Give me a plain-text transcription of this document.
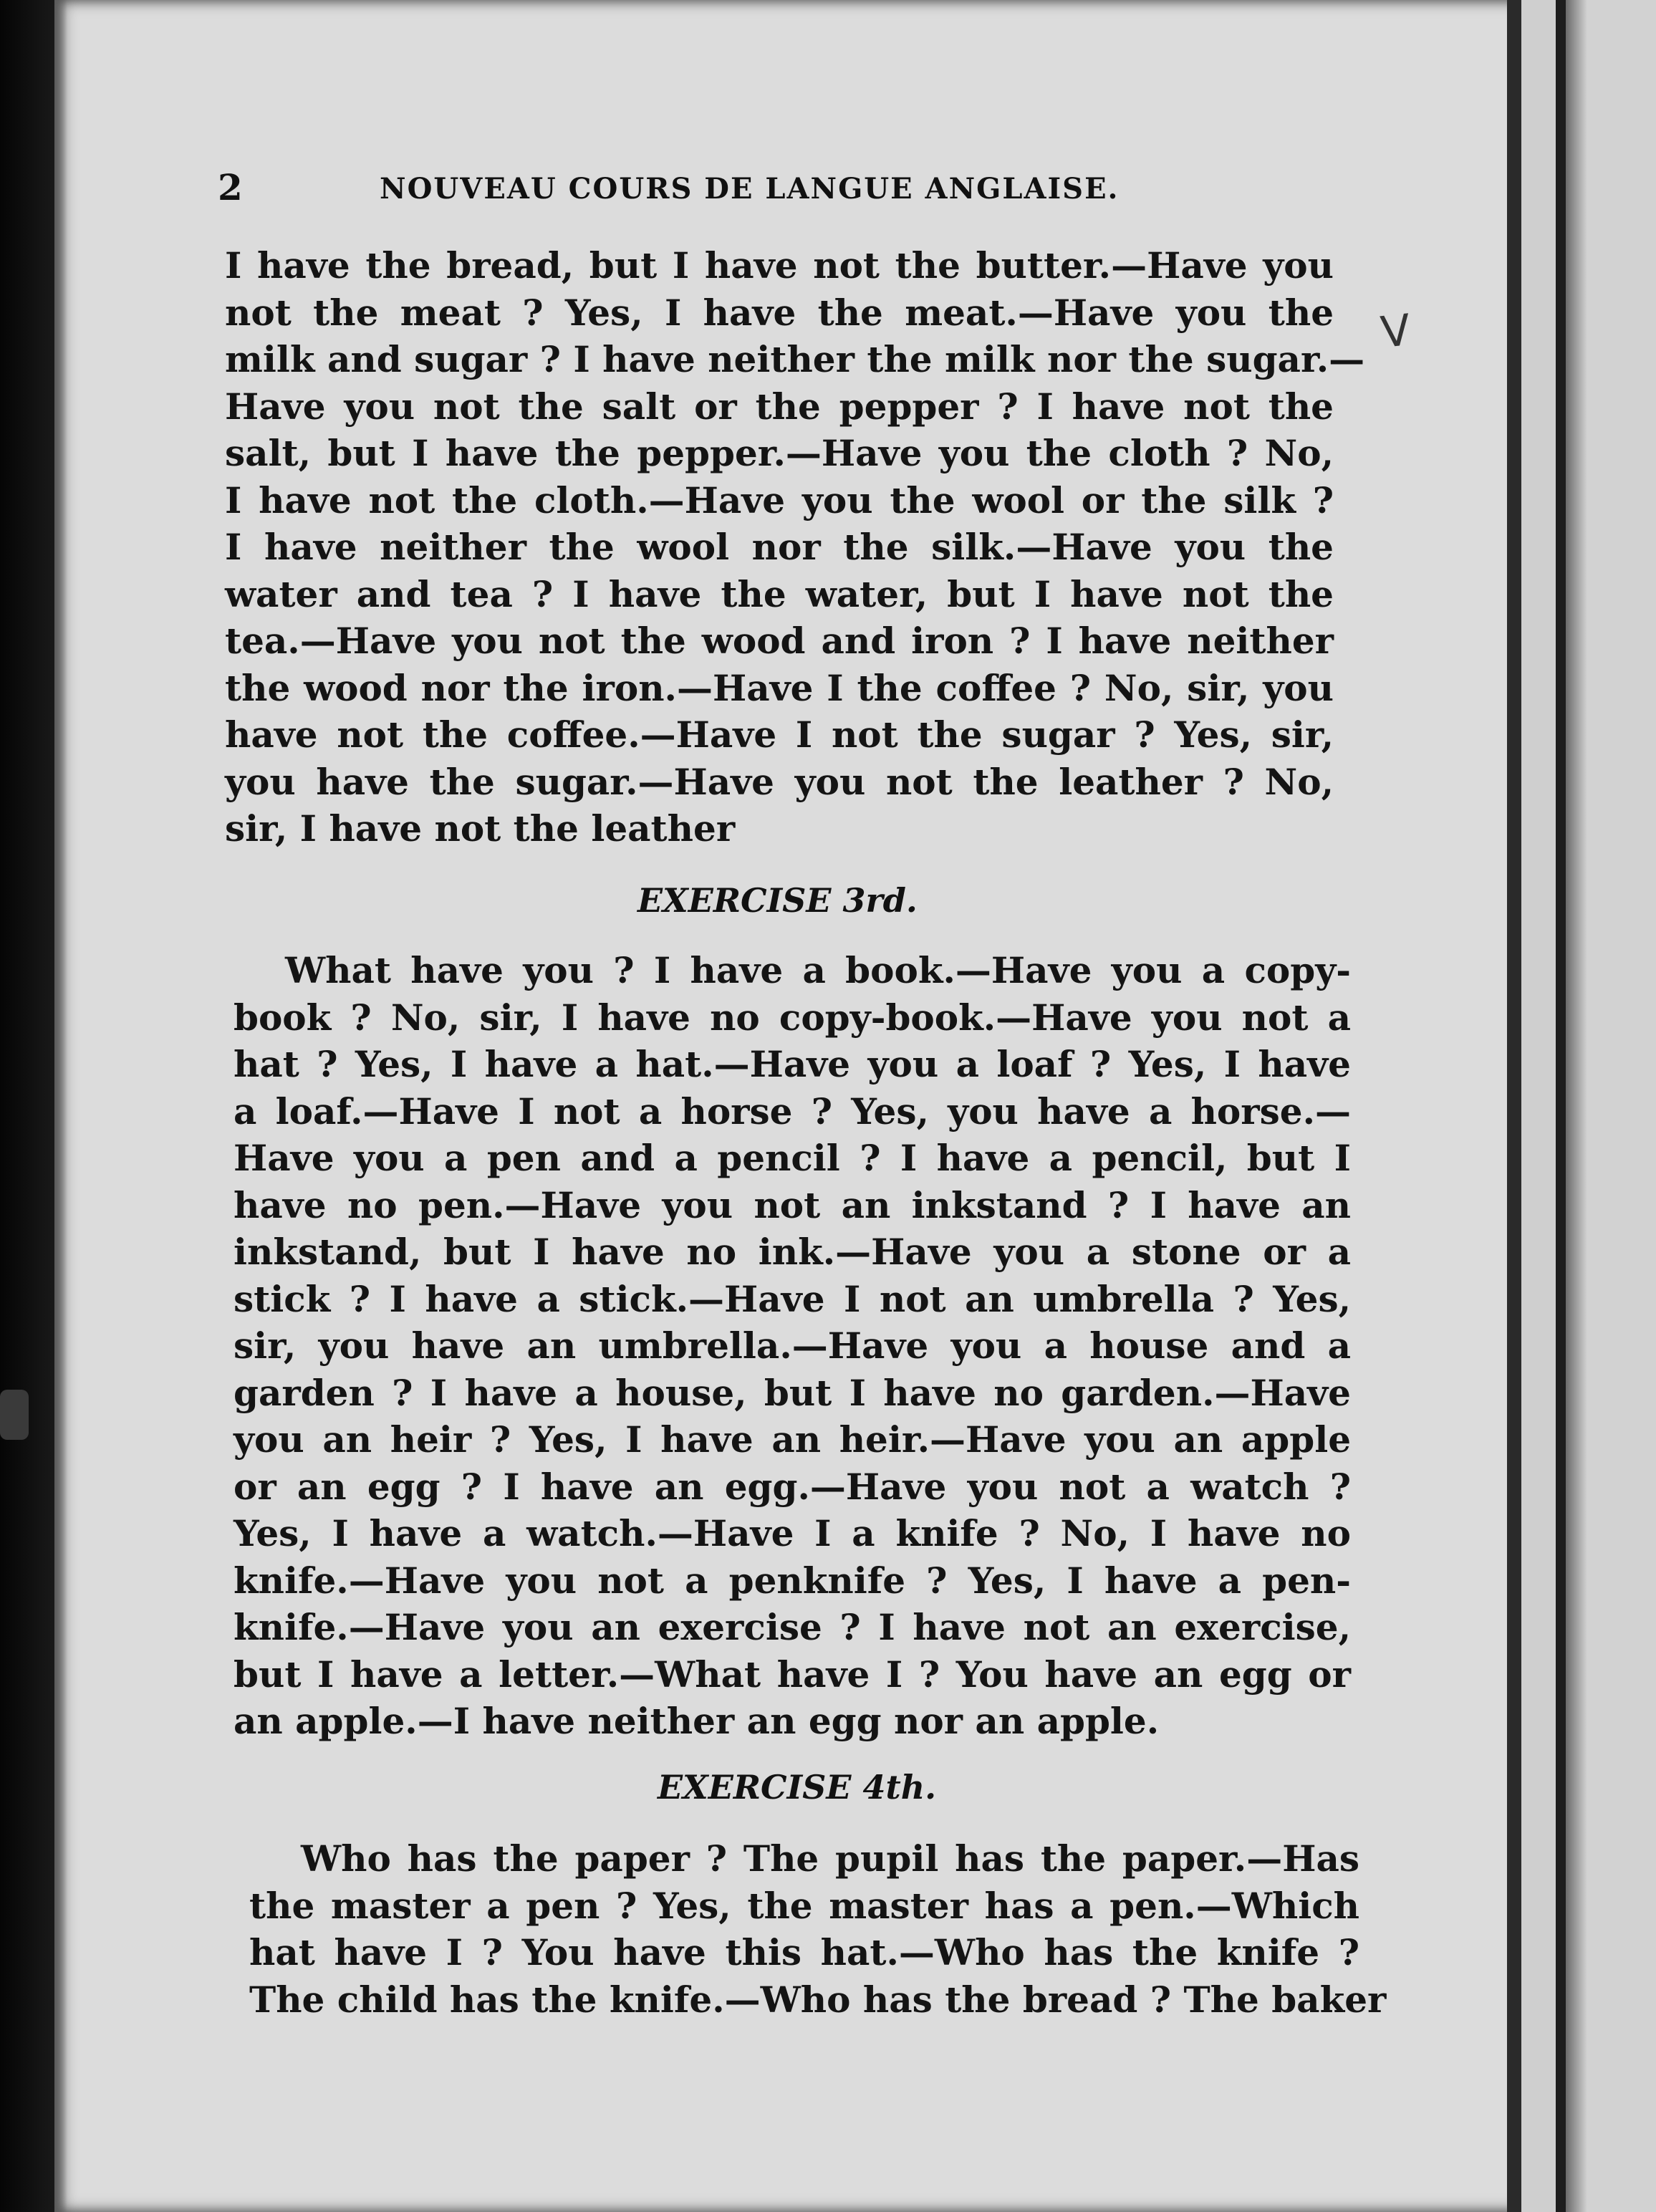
2	NOUVEAU COURS DE LANGUE ANGLAISE.
V
I have the bread, but I have not the butter.—Have you
not the meat ? Yes, I have the meat.—Have you the
milk and sugar ? I have neither the milk nor the sugar.—
Have you not the salt or the pepper ? I have not the
salt, but I have the pepper.—Have you the cloth ? No,
I have not the cloth.—Have you the wool or the silk ?
I have neither the wool nor the silk.—Have you the
water and tea ? I have the water, but I have not the
tea.—Have you not the wood and iron ? I have neither
the wood nor the iron.—Have I the coffee ? No, sir, you
have not the coffee.—Have I not the sugar ? Yes, sir,
you have the sugar.—Have you not the leather ? No,
sir, I have not the leather
EXERCISE 3rd.
What have you ? I have a book.—Have you a copy-
book ? No, sir, I have no copy-book.—Have you not a
hat ? Yes, I have a hat.—Have you a loaf ? Yes, I have
a loaf.—Have I not a horse ? Yes, you have a horse.—
Have you a pen and a pencil ? I have a pencil, but I
have no pen.—Have you not an inkstand ? I have an
inkstand, but I have no ink.—Have you a stone or a
stick ? I have a stick.—Have I not an umbrella ? Yes,
sir, you have an umbrella.—Have you a house and a
garden ? I have a house, but I have no garden.—Have
you an heir ? Yes, I have an heir.—Have you an apple
or an egg ? I have an egg.—Have you not a watch ?
Yes, I have a watch.—Have I a knife ? No, I have no
knife.—Have you not a penknife ? Yes, I have a pen-
knife.—Have you an exercise ? I have not an exercise,
but I have a letter.—What have I ? You have an egg or
an apple.—I have neither an egg nor an apple.
EXERCISE 4th.
Who has the paper ? The pupil has the paper.—Has
the master a pen ? Yes, the master has a pen.—Which
hat have I ? You have this hat.—Who has the knife ?
The child has the knife.—Who has the bread ? The baker
